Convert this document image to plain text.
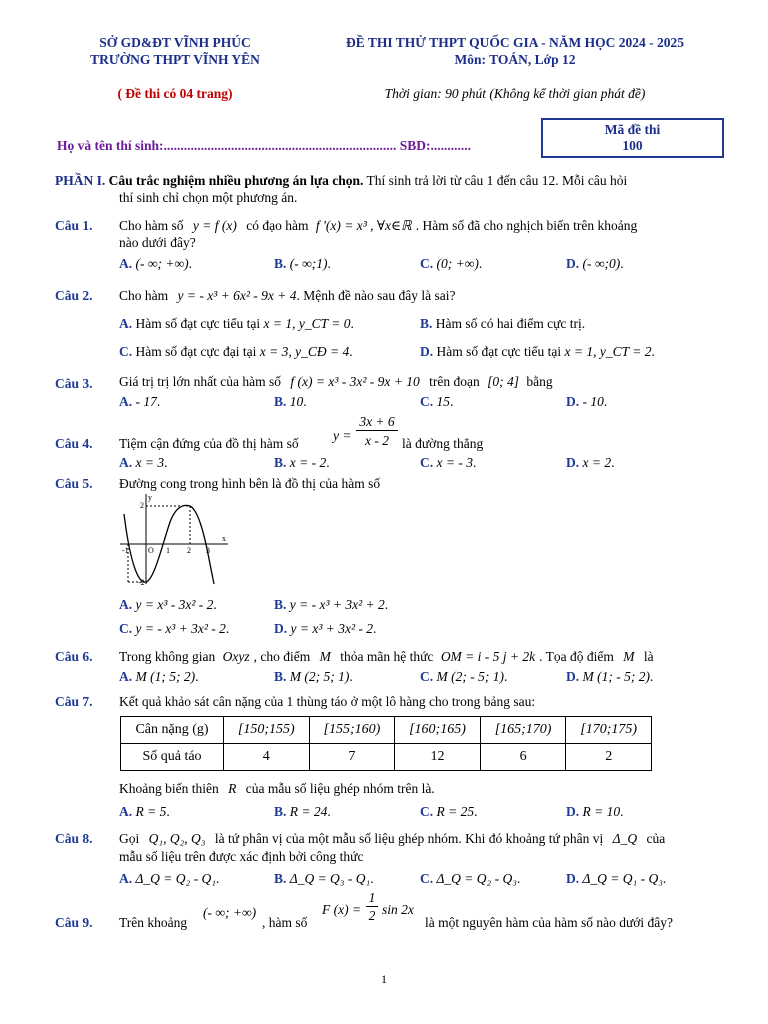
SỞ GD&ĐT VĨNH PHÚC
TRƯỜNG THPT VĨNH YÊN
ĐỀ THI THỬ THPT QUỐC GIA - NĂM HỌC 2024 - 2025
Môn: TOÁN, Lớp 12
( Đề thi có 04 trang)	Thời gian: 90 phút (Không kể thời gian phát đề)
Họ và tên thí sinh:..................................................................... SBD:............
Mã đề thi
100
PHẦN I. Câu trắc nghiệm nhiều phương án lựa chọn. Thí sinh trả lời từ câu 1 đến câu 12. Mỗi câu hỏi
thí sinh chỉ chọn một phương án.
Câu 1. Cho hàm số y = f (x) có đạo hàm f '(x) = x³ , ∀x∈ℝ . Hàm số đã cho nghịch biến trên khoảng
nào dưới đây?
A. (- ∞; +∞).	B. (- ∞;1).	C. (0; +∞).	D. (- ∞;0).
Câu 2. Cho hàm y = - x³ + 6x² - 9x + 4. Mệnh đề nào sau đây là sai?
A. Hàm số đạt cực tiểu tại x = 1, y_CT = 0.	B. Hàm số có hai điểm cực trị.
C. Hàm số đạt cực đại tại x = 3, y_CĐ = 4.	D. Hàm số đạt cực tiểu tại x = 1, y_CT = 2.
Câu 3. Giá trị trị lớn nhất của hàm số f (x) = x³ - 3x² - 9x + 10 trên đoạn [0; 4] bằng
A. - 17.	B. 10.	C. 15.	D. - 10.
Câu 4. Tiệm cận đứng của đồ thị hàm số
y =
3x + 6
x - 2 là đường thẳng
A. x = 3.	B. x = - 2.	C. x = - 3.	D. x = 2.
Câu 5. Đường cong trong hình bên là đồ thị của hàm số
y
2
-1 O 1 2 3
x
-2
A. y = x³ - 3x² - 2.	B. y = - x³ + 3x² + 2.
C. y = - x³ + 3x² - 2.	D. y = x³ + 3x² - 2.
Câu 6. Trong không gian Oxyz , cho điểm M thỏa mãn hệ thức OM = i - 5 j + 2k . Tọa độ điểm M là
A. M (1; 5; 2).	B. M (2; 5; 1).	C. M (2; - 5; 1).	D. M (1; - 5; 2).
Câu 7. Kết quả khảo sát cân nặng của 1 thùng táo ở một lô hàng cho trong bảng sau:
Cân nặng (g)	[150;155)	[155;160)	[160;165)	[165;170)	[170;175)
Số quả táo	4	7	12	6	2
Khoảng biến thiên R của mẫu số liệu ghép nhóm trên là.
A. R = 5.	B. R = 24.	C. R = 25.	D. R = 10.
Câu 8. Gọi Q₁, Q₂, Q₃ là tứ phân vị của một mẫu số liệu ghép nhóm. Khi đó khoảng tứ phân vị Δ_Q của
mẫu số liệu trên được xác định bởi công thức
A. Δ_Q = Q₂ - Q₁.	B. Δ_Q = Q₃ - Q₁.	C. Δ_Q = Q₂ - Q₃.	D. Δ_Q = Q₁ - Q₃.
Câu 9. Trên khoảng
(- ∞; +∞)
, hàm số
F (x) =
1
2 sin 2x
là một nguyên hàm của hàm số nào dưới đây?
1
